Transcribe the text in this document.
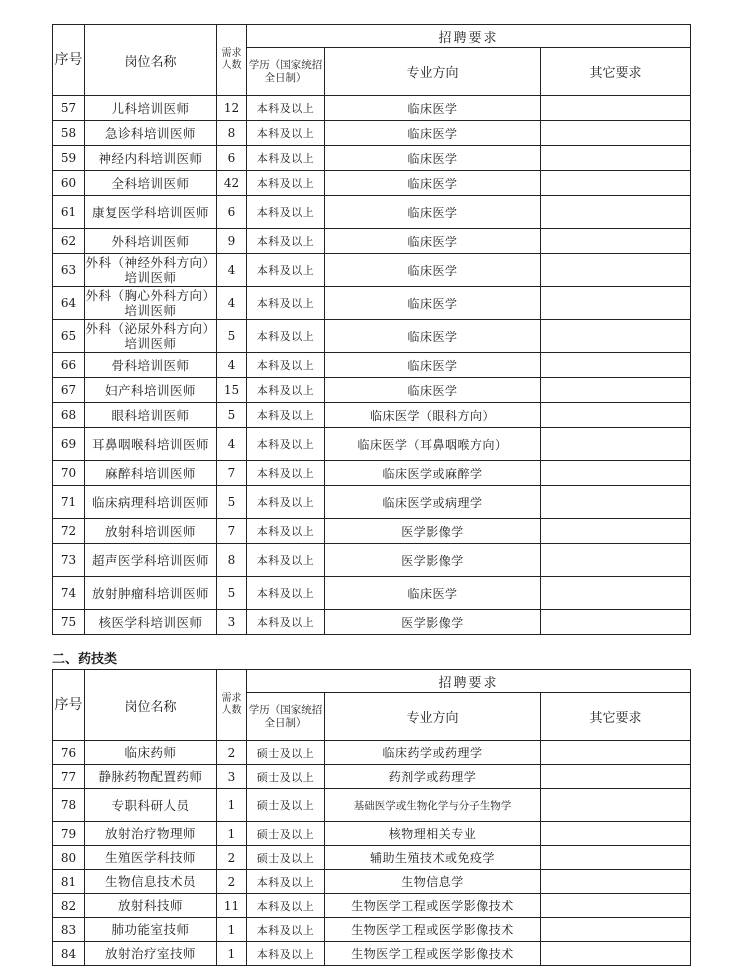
序号	岗位名称	需求人数	招聘要求		
			学历（国家统招全日制）	专业方向	其它要求
57	儿科培训医师	12	本科及以上	临床医学	
58	急诊科培训医师	8	本科及以上	临床医学	
59	神经内科培训医师	6	本科及以上	临床医学	
60	全科培训医师	42	本科及以上	临床医学	
61	康复医学科培训医师	6	本科及以上	临床医学	
62	外科培训医师	9	本科及以上	临床医学	
63	外科（神经外科方向）培训医师	4	本科及以上	临床医学	
64	外科（胸心外科方向）培训医师	4	本科及以上	临床医学	
65	外科（泌尿外科方向）培训医师	5	本科及以上	临床医学	
66	骨科培训医师	4	本科及以上	临床医学	
67	妇产科培训医师	15	本科及以上	临床医学	
68	眼科培训医师	5	本科及以上	临床医学（眼科方向）	
69	耳鼻咽喉科培训医师	4	本科及以上	临床医学（耳鼻咽喉方向）	
70	麻醉科培训医师	7	本科及以上	临床医学或麻醉学	
71	临床病理科培训医师	5	本科及以上	临床医学或病理学	
72	放射科培训医师	7	本科及以上	医学影像学	
73	超声医学科培训医师	8	本科及以上	医学影像学	
74	放射肿瘤科培训医师	5	本科及以上	临床医学	
75	核医学科培训医师	3	本科及以上	医学影像学	
二、药技类
序号	岗位名称	需求人数	招聘要求		
			学历（国家统招全日制）	专业方向	其它要求
76	临床药师	2	硕士及以上	临床药学或药理学	
77	静脉药物配置药师	3	硕士及以上	药剂学或药理学	
78	专职科研人员	1	硕士及以上	基础医学或生物化学与分子生物学	
79	放射治疗物理师	1	硕士及以上	核物理相关专业	
80	生殖医学科技师	2	硕士及以上	辅助生殖技术或免疫学	
81	生物信息技术员	2	本科及以上	生物信息学	
82	放射科技师	11	本科及以上	生物医学工程或医学影像技术	
83	肺功能室技师	1	本科及以上	生物医学工程或医学影像技术	
84	放射治疗室技师	1	本科及以上	生物医学工程或医学影像技术	
